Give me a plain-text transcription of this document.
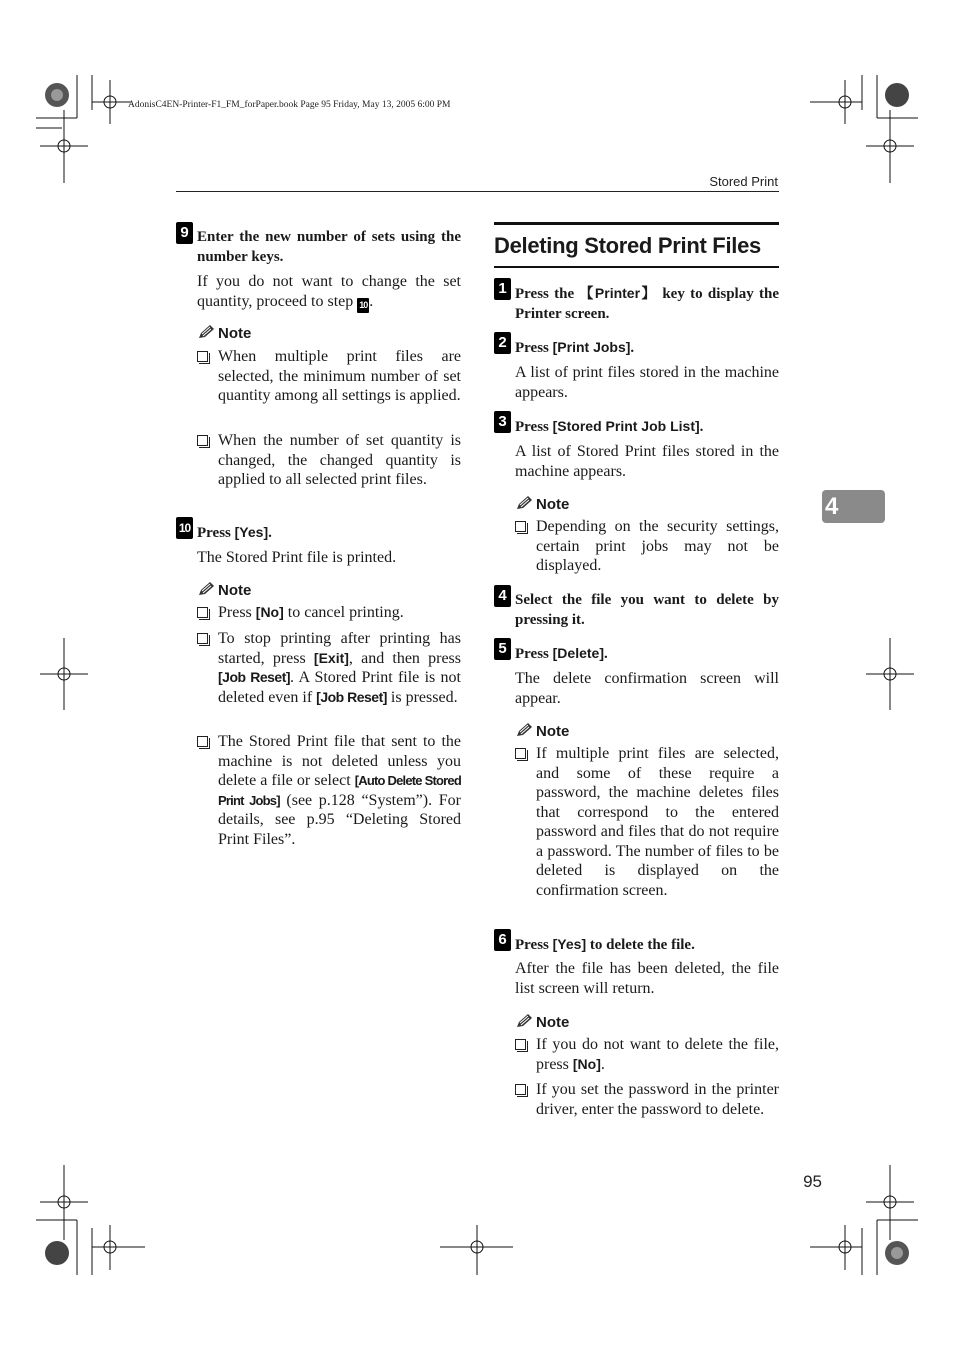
AdonisC4EN-Printer-F1_FM_forPaper.book Page 95 Friday, May 13, 2005 6:00 PM
Stored Print
4
95
9 Enter the new number of sets using the number keys.
If you do not want to change the set quantity, proceed to step 10 .
Note
When multiple print files are selected, the minimum number of set quantity among all settings is applied.
When the number of set quantity is changed, the changed quantity is applied to all selected print files.
10 Press [Yes].
The Stored Print file is printed.
Note
Press [No] to cancel printing.
To stop printing after printing has started, press [Exit], and then press [Job Reset]. A Stored Print file is not deleted even if [Job Reset] is pressed.
The Stored Print file that sent to the machine is not deleted unless you delete a file or select [Auto Delete Stored Print Jobs] (see p.128 “System”). For details, see p.95 “Deleting Stored Print Files”.
Deleting Stored Print Files
1 Press the 【Printer】 key to display the Printer screen.
2 Press [Print Jobs].
A list of print files stored in the machine appears.
3 Press [Stored Print Job List].
A list of Stored Print files stored in the machine appears.
Note
Depending on the security settings, certain print jobs may not be displayed.
4 Select the file you want to delete by pressing it.
5 Press [Delete].
The delete confirmation screen will appear.
Note
If multiple print files are selected, and some of these require a password, the machine deletes files that correspond to the entered password and files that do not require a password. The number of files to be deleted is displayed on the confirmation screen.
6 Press [Yes] to delete the file.
After the file has been deleted, the file list screen will return.
Note
If you do not want to delete the file, press [No].
If you set the password in the printer driver, enter the password to delete.
